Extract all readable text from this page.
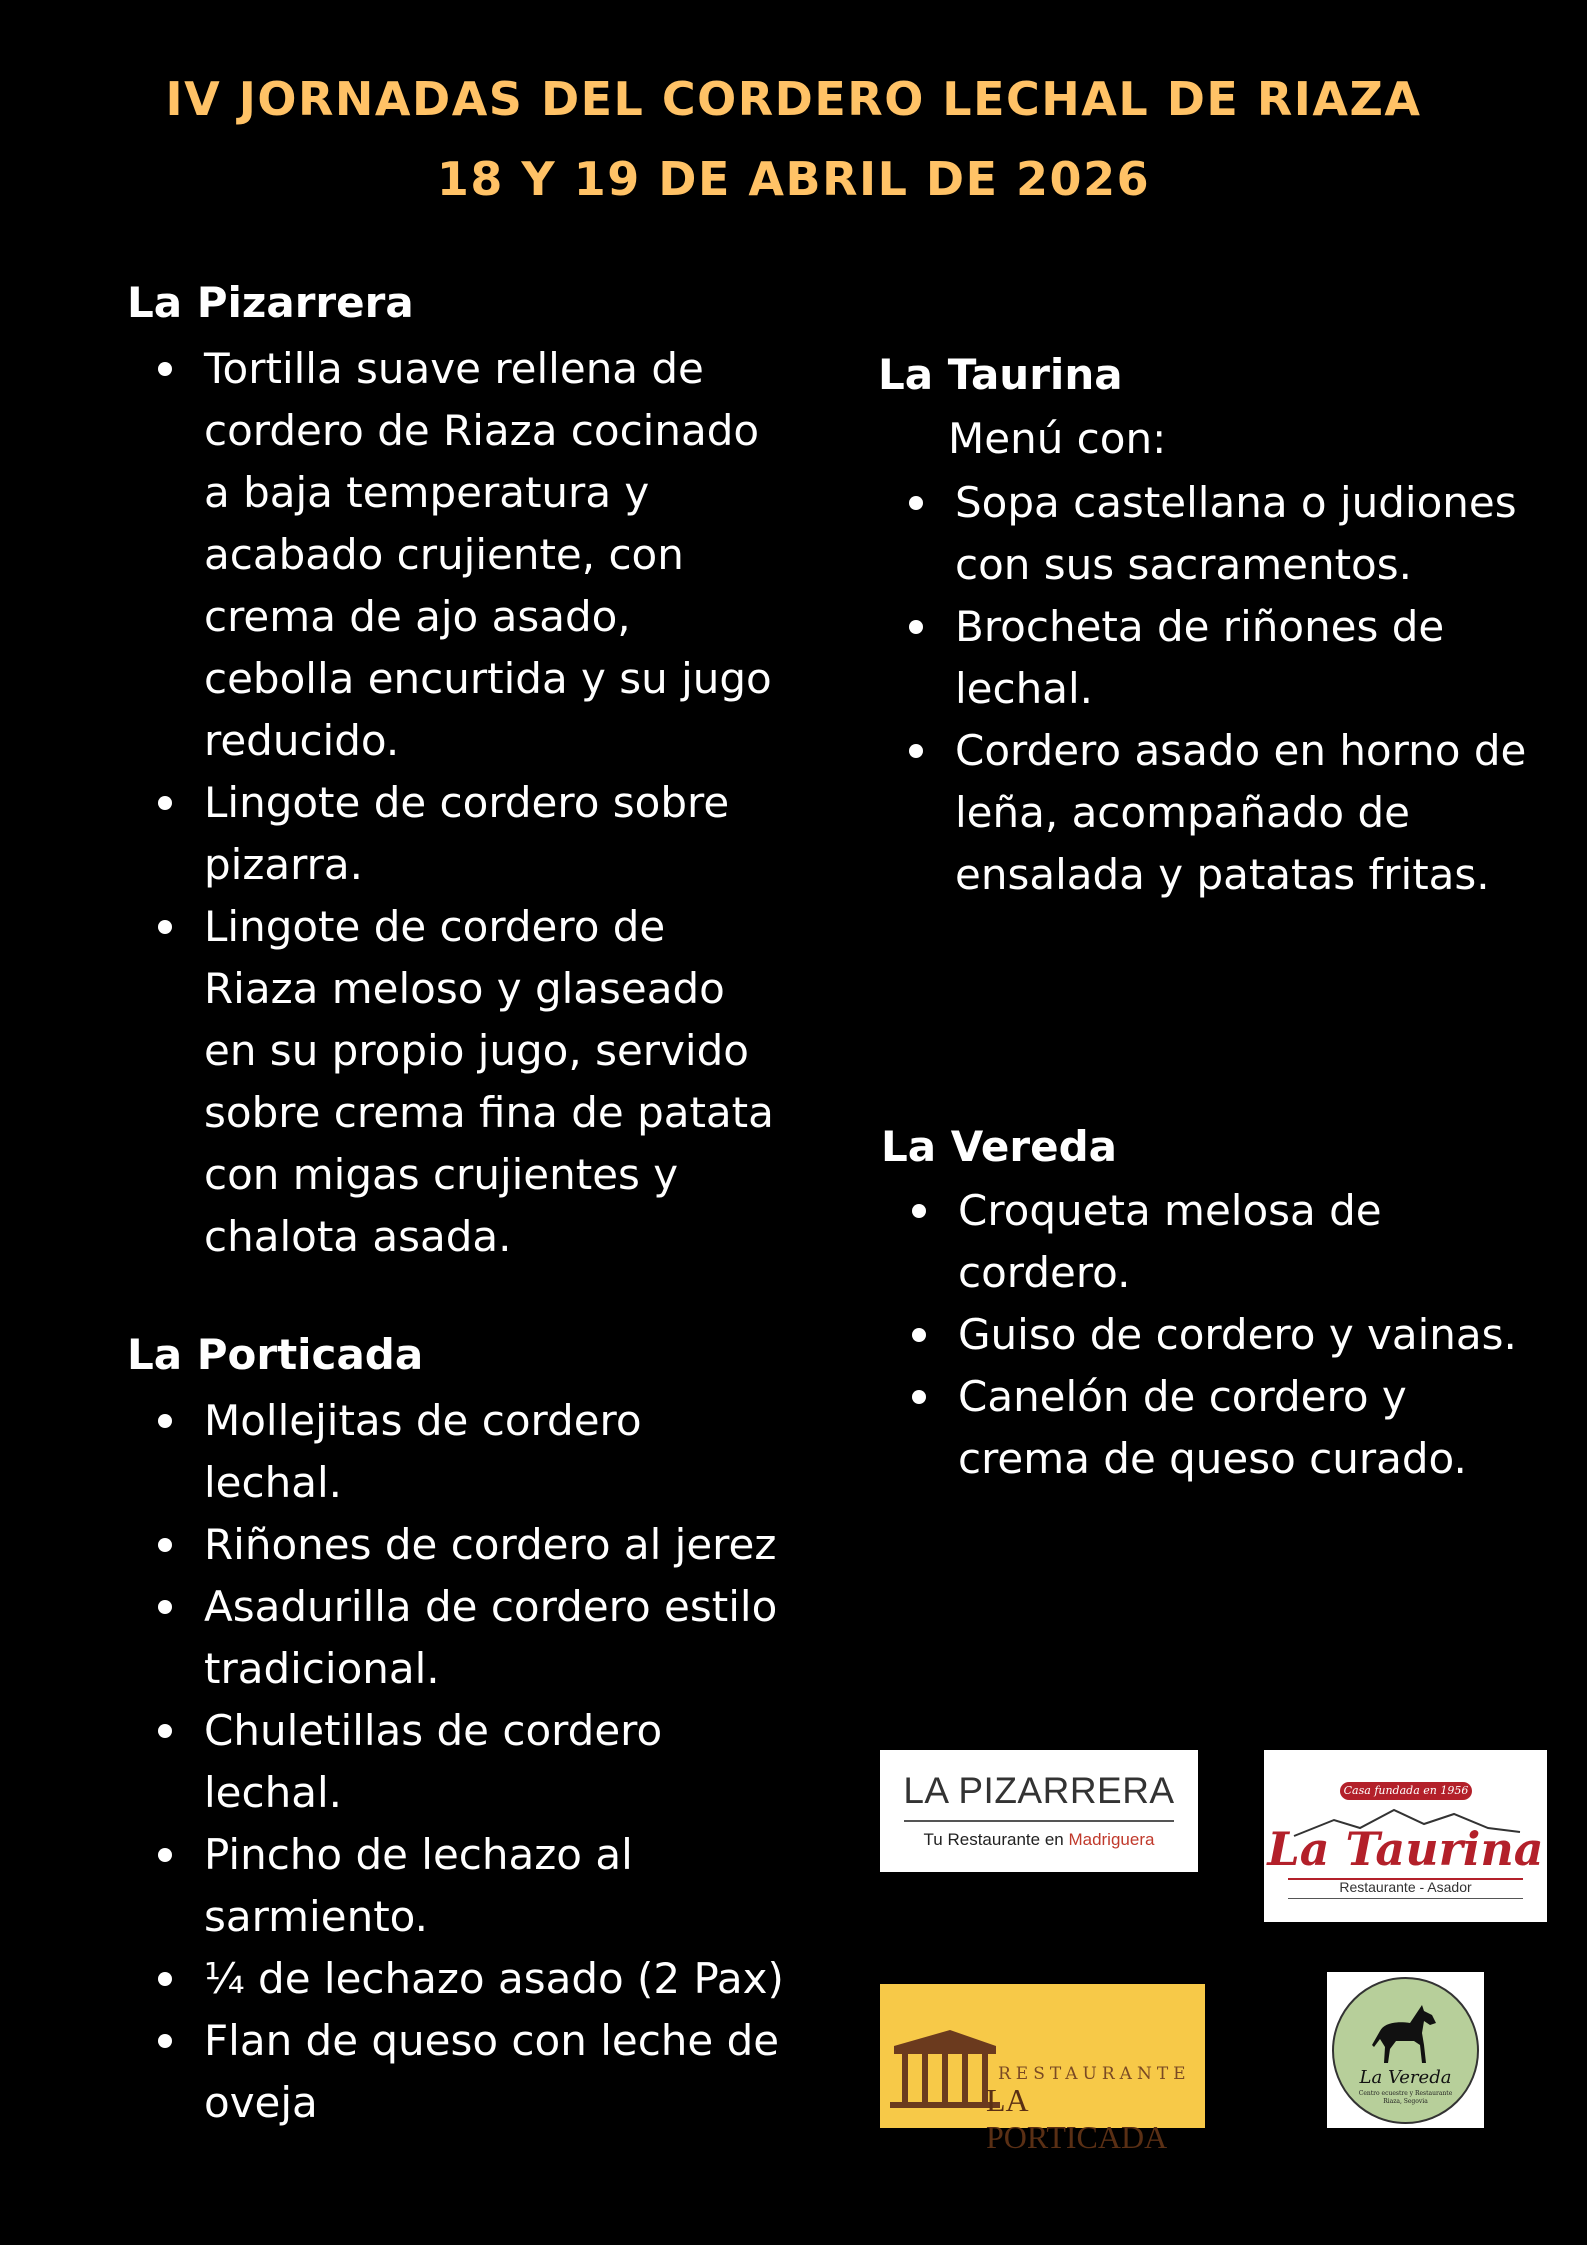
IV JORNADAS DEL CORDERO LECHAL DE RIAZA
18 Y 19 DE ABRIL DE 2026
La Pizarrera
Tortilla suave rellena de cordero de Riaza cocinado a baja temperatura y acabado crujiente, con crema de ajo asado, cebolla encurtida y su jugo reducido.
Lingote de cordero sobre pizarra.
Lingote de cordero de Riaza meloso y glaseado en su propio jugo, servido sobre crema fina de patata con migas crujientes y chalota asada.
La Porticada
Mollejitas de cordero lechal.
Riñones de cordero al jerez
Asadurilla de cordero estilo tradicional.
Chuletillas de cordero lechal.
Pincho de lechazo al sarmiento.
¼ de lechazo asado (2 Pax)
Flan de queso con leche de oveja
La Taurina
Menú con:
Sopa castellana o judiones con sus sacramentos.
Brocheta de riñones de lechal.
Cordero asado en horno de leña, acompañado de ensalada y patatas fritas.
La Vereda
Croqueta melosa de cordero.
Guiso de cordero y vainas.
Canelón de cordero y crema de queso curado.
LA PIZARRERA
Tu Restaurante en Madriguera
Casa fundada en 1956
La Taurina
Restaurante - Asador
RESTAURANTE
LA PORTICADA
La Vereda
Centro ecuestre y Restaurante
Riaza, Segovia
